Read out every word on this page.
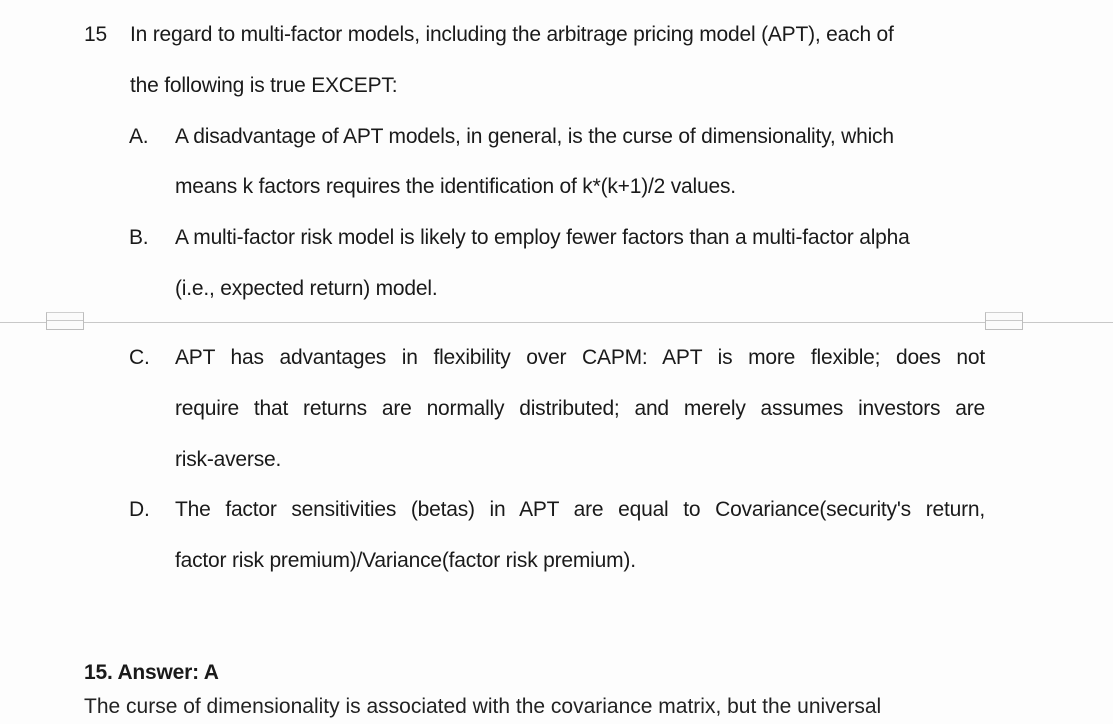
15 In regard to multi-factor models, including the arbitrage pricing model (APT), each of
the following is true EXCEPT:
A. A disadvantage of APT models, in general, is the curse of dimensionality, which
means k factors requires the identification of k*(k+1)/2 values.
B. A multi-factor risk model is likely to employ fewer factors than a multi-factor alpha
(i.e., expected return) model.
C. APT has advantages in flexibility over CAPM: APT is more flexible; does not
require that returns are normally distributed; and merely assumes investors are
risk-averse.
D. The factor sensitivities (betas) in APT are equal to Covariance(security's return,
factor risk premium)/Variance(factor risk premium).
15. Answer: A
The curse of dimensionality is associated with the covariance matrix, but the universal
